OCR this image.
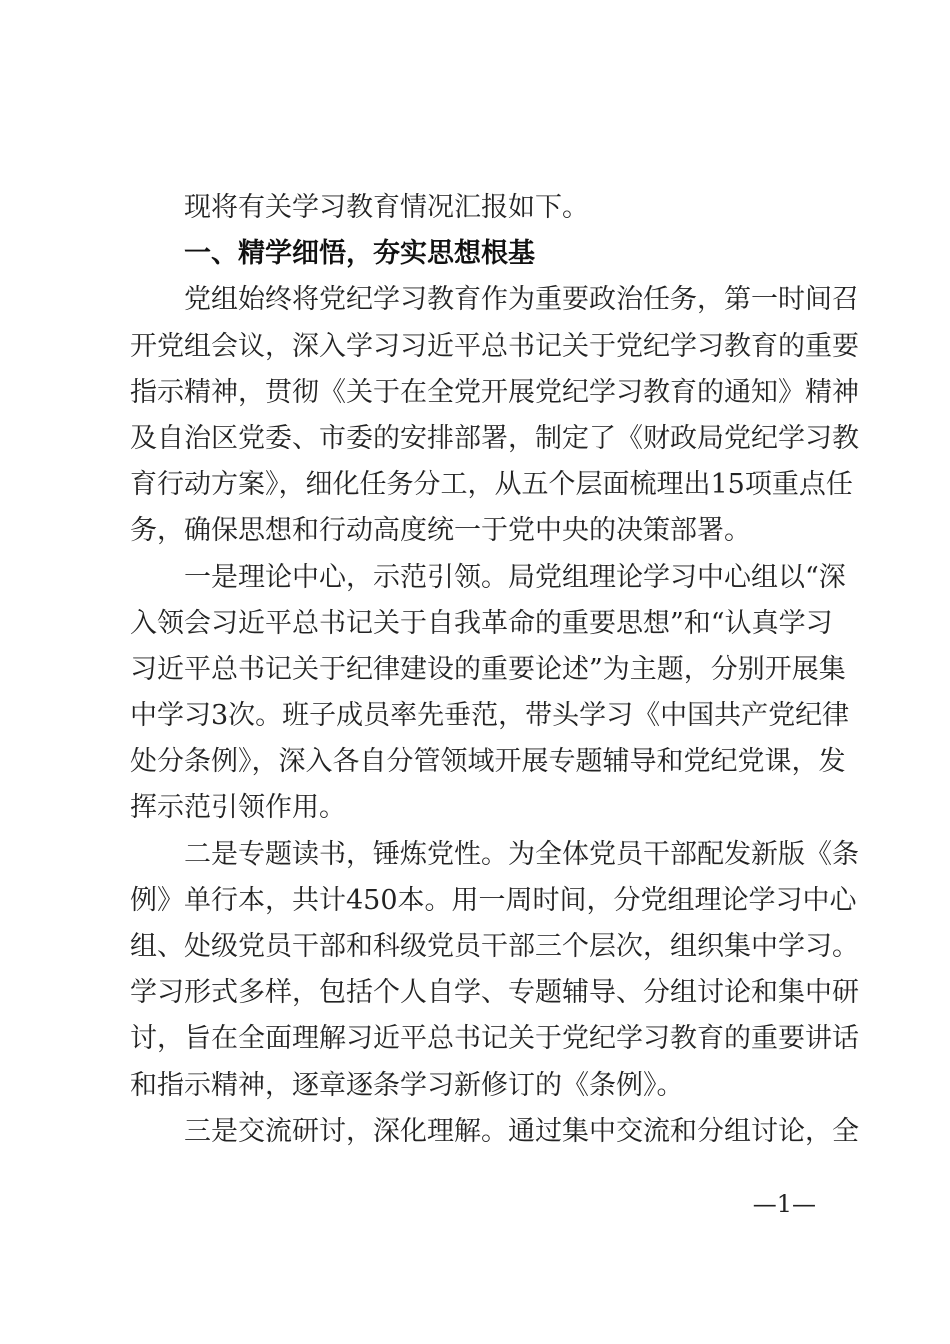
现将有关学习教育情况汇报如下。
一、精学细悟，夯实思想根基
党组始终将党纪学习教育作为重要政治任务，第一时间召
开党组会议，深入学习习近平总书记关于党纪学习教育的重要
指示精神，贯彻《关于在全党开展党纪学习教育的通知》精神
及自治区党委、市委的安排部署，制定了《财政局党纪学习教
育行动方案》，细化任务分工，从五个层面梳理出15项重点任
务，确保思想和行动高度统一于党中央的决策部署。
一是理论中心，示范引领。局党组理论学习中心组以“深
入领会习近平总书记关于自我革命的重要思想”和“认真学习
习近平总书记关于纪律建设的重要论述”为主题，分别开展集
中学习3次。班子成员率先垂范，带头学习《中国共产党纪律
处分条例》，深入各自分管领域开展专题辅导和党纪党课，发
挥示范引领作用。
二是专题读书，锤炼党性。为全体党员干部配发新版《条
例》单行本，共计450本。用一周时间，分党组理论学习中心
组、处级党员干部和科级党员干部三个层次，组织集中学习。
学习形式多样，包括个人自学、专题辅导、分组讨论和集中研
讨，旨在全面理解习近平总书记关于党纪学习教育的重要讲话
和指示精神，逐章逐条学习新修订的《条例》。
三是交流研讨，深化理解。通过集中交流和分组讨论，全
—1—
